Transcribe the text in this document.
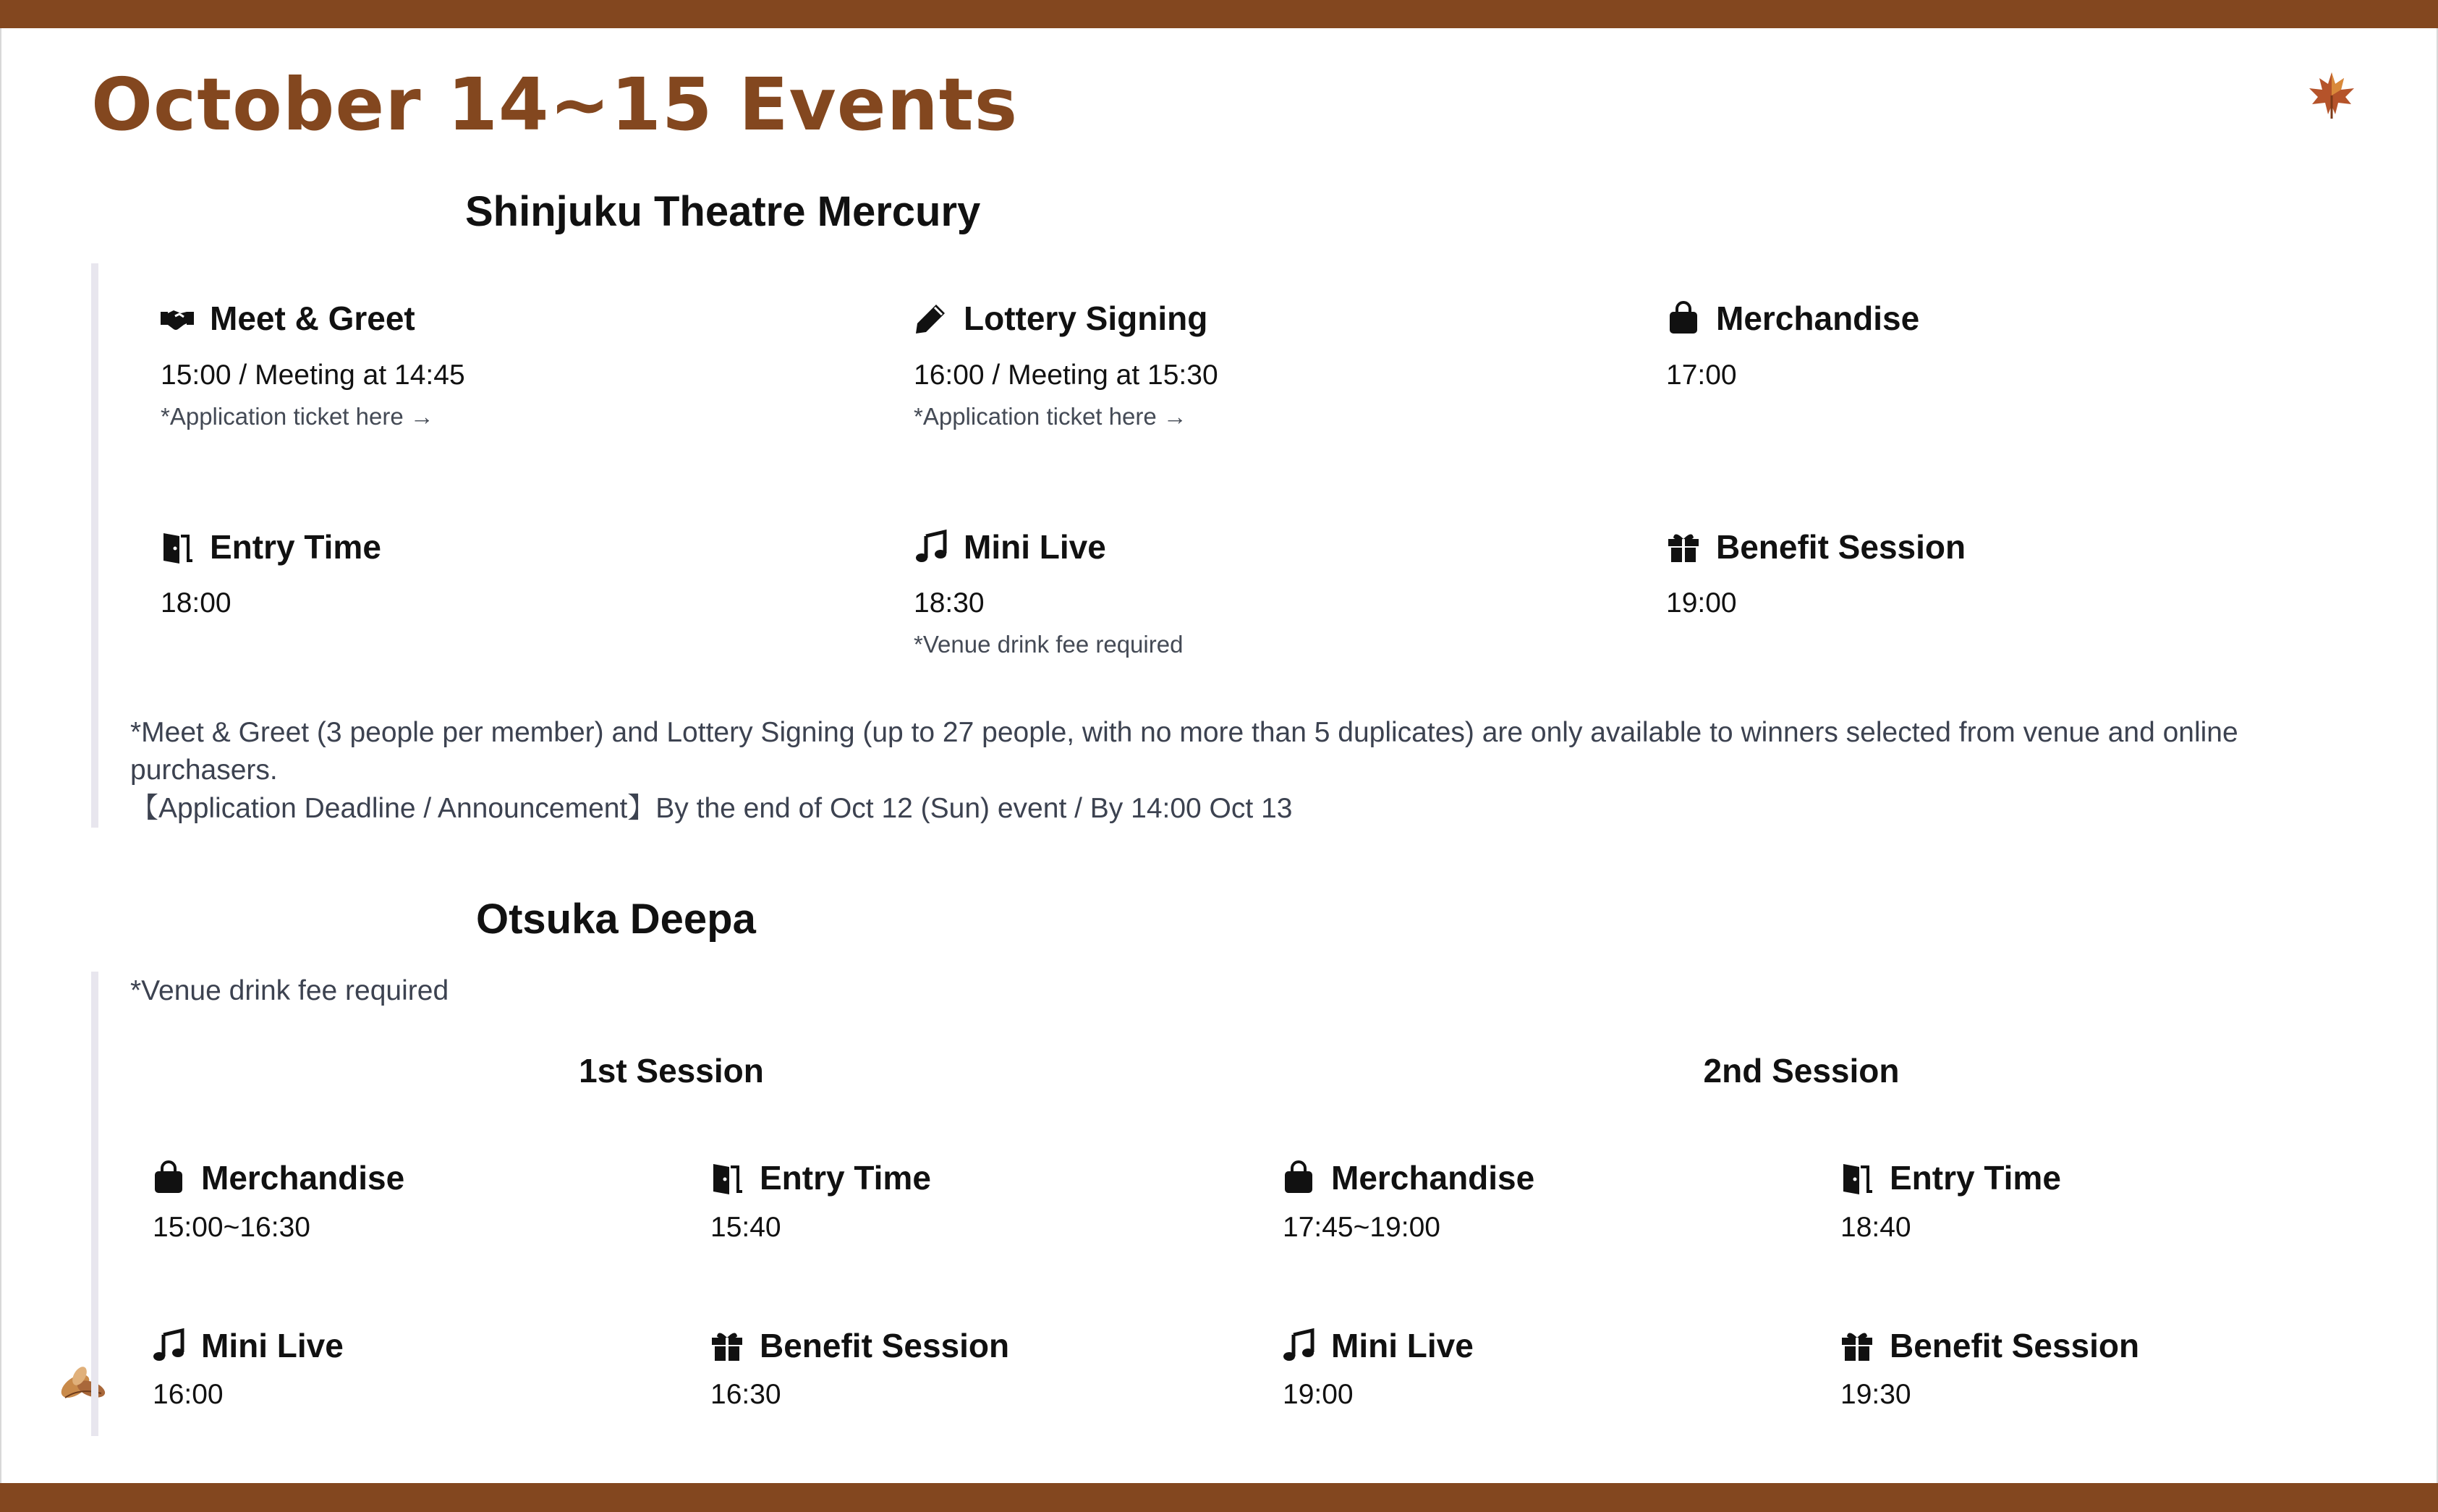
October 14~15 Events
Shinjuku Theatre Mercury
Meet & Greet
15:00 / Meeting at 14:45
*Application ticket here →
Lottery Signing
16:00 / Meeting at 15:30
*Application ticket here →
Merchandise
17:00
Entry Time
18:00
Mini Live
18:30
*Venue drink fee required
Benefit Session
19:00
*Meet & Greet (3 people per member) and Lottery Signing (up to 27 people, with no more than 5 duplicates) are only available to winners selected from venue and online
purchasers.
【Application Deadline / Announcement】By the end of Oct 12 (Sun) event / By 14:00 Oct 13
Otsuka Deepa
*Venue drink fee required
1st Session	2nd Session
Merchandise
15:00~16:30
Entry Time
15:40
Mini Live
16:00
Benefit Session
16:30
Merchandise
17:45~19:00
Entry Time
18:40
Mini Live
19:00
Benefit Session
19:30
